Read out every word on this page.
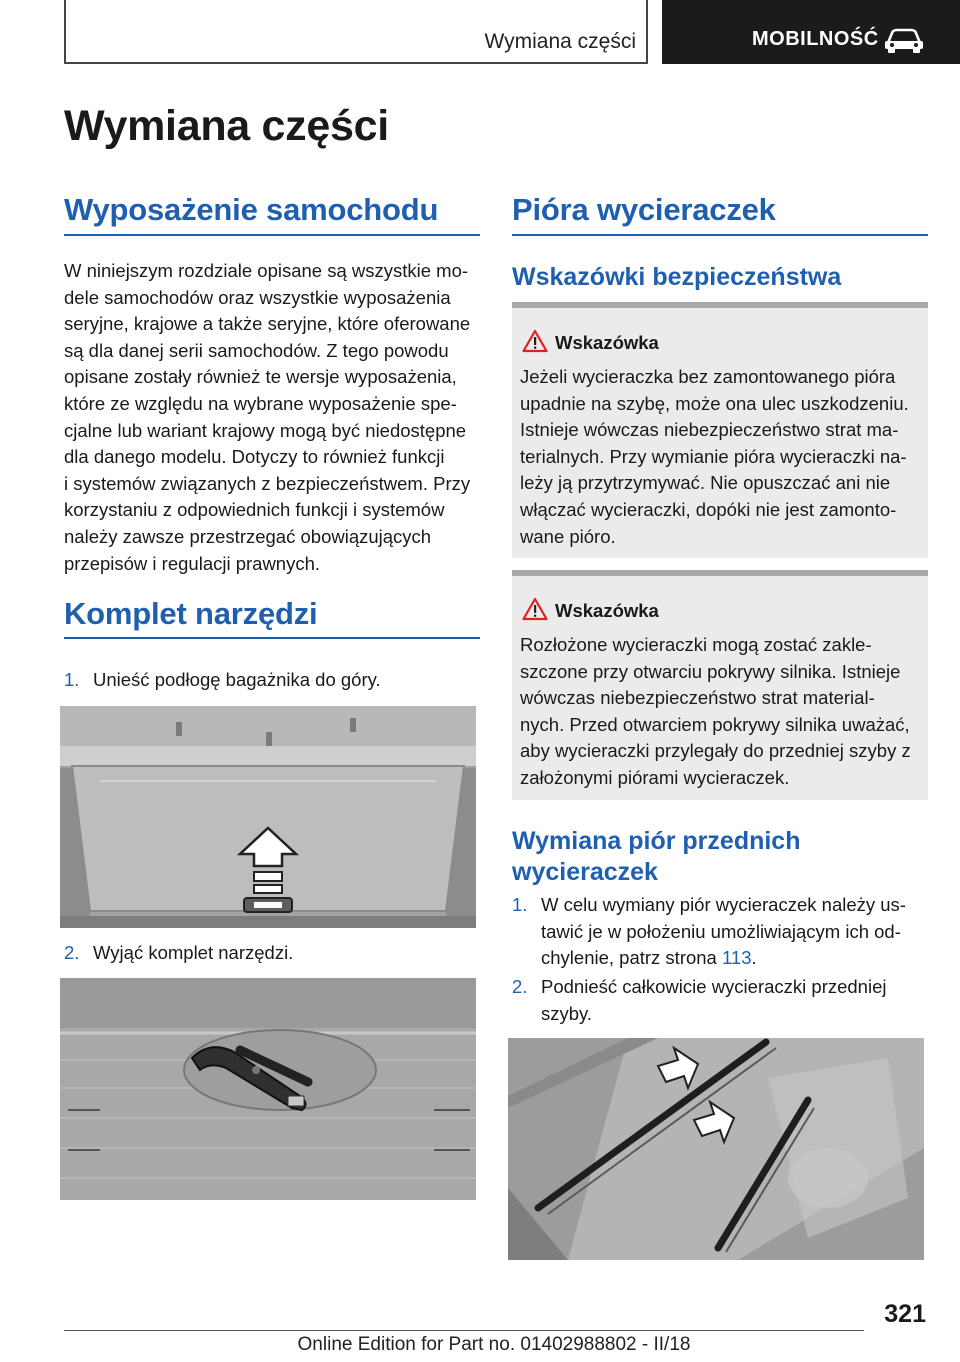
Wymiana części	MOBILNOŚĆ
Wymiana części
Wyposażenie samochodu
W niniejszym rozdziale opisane są wszystkie mo‐
dele samochodów oraz wszystkie wyposażenia
seryjne, krajowe a także seryjne, które oferowane
są dla danej serii samochodów. Z tego powodu
opisane zostały również te wersje wyposażenia,
które ze względu na wybrane wyposażenie spe‐
cjalne lub wariant krajowy mogą być niedostępne
dla danego modelu. Dotyczy to również funkcji
i systemów związanych z bezpieczeństwem. Przy
korzystaniu z odpowiednich funkcji i systemów
należy zawsze przestrzegać obowiązujących
przepisów i regulacji prawnych.
Komplet narzędzi
1. Unieść podłogę bagażnika do góry.
2. Wyjąć komplet narzędzi.
Pióra wycieraczek
Wskazówki bezpieczeństwa
Wskazówka
Jeżeli wycieraczka bez zamontowanego pióra
upadnie na szybę, może ona ulec uszkodzeniu.
Istnieje wówczas niebezpieczeństwo strat ma‐
terialnych. Przy wymianie pióra wycieraczki na‐
leży ją przytrzymywać. Nie opuszczać ani nie
włączać wycieraczki, dopóki nie jest zamonto‐
wane pióro.
Wskazówka
Rozłożone wycieraczki mogą zostać zakle‐
szczone przy otwarciu pokrywy silnika. Istnieje
wówczas niebezpieczeństwo strat material‐
nych. Przed otwarciem pokrywy silnika uważać,
aby wycieraczki przylegały do przedniej szyby z
założonymi piórami wycieraczek.
Wymiana piór przednich
wycieraczek
1. W celu wymiany piór wycieraczek należy us‐
tawić je w położeniu umożliwiającym ich od‐
chylenie, patrz strona 113.
2. Podnieść całkowicie wycieraczki przedniej
szyby.
321
Online Edition for Part no. 01402988802 - II/18
